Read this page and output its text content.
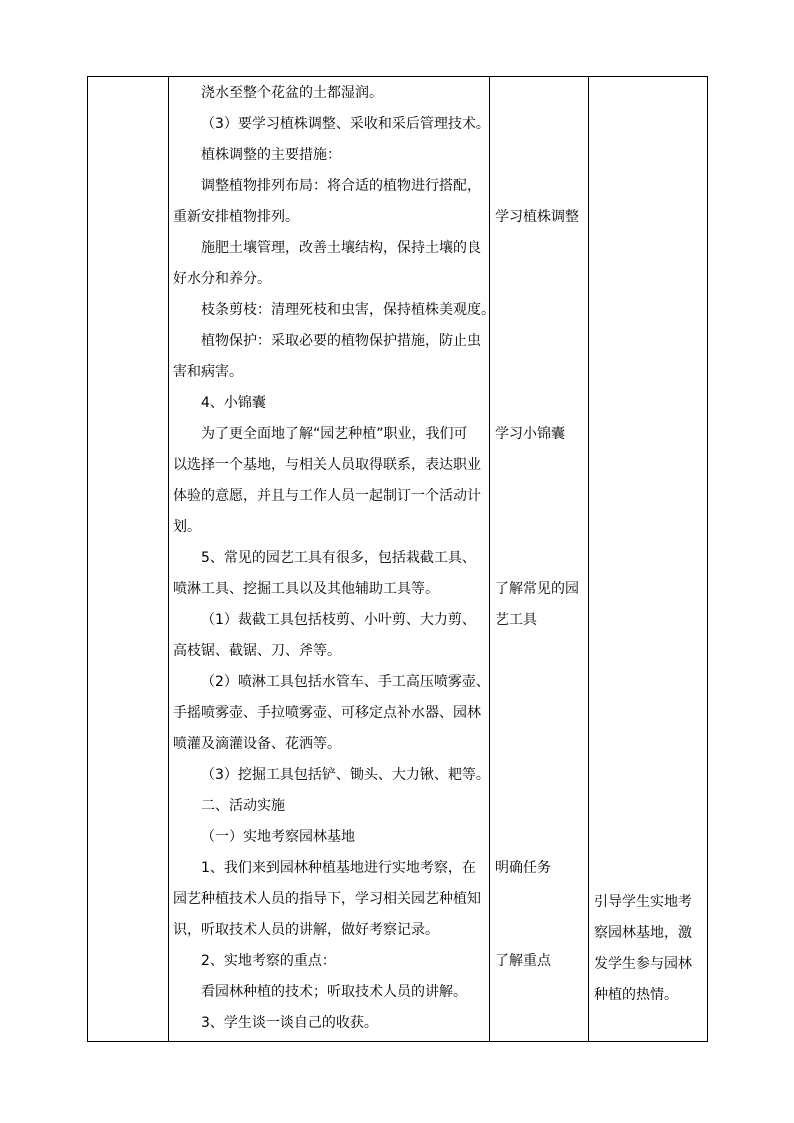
浇水至整个花盆的土都湿润。
（3）要学习植株调整、采收和采后管理技术。
植株调整的主要措施：
调整植物排列布局：将合适的植物进行搭配，
重新安排植物排列。
施肥土壤管理，改善土壤结构，保持土壤的良
好水分和养分。
枝条剪枝：清理死枝和虫害，保持植株美观度。
植物保护：采取必要的植物保护措施，防止虫
害和病害。
4、小锦囊
为了更全面地了解“园艺种植”职业，我们可
以选择一个基地，与相关人员取得联系，表达职业
体验的意愿，并且与工作人员一起制订一个活动计
划。
5、常见的园艺工具有很多，包括栽截工具、
喷淋工具、挖掘工具以及其他辅助工具等。
（1）裁截工具包括枝剪、小叶剪、大力剪、
高枝锯、截锯、刀、斧等。
（2）喷淋工具包括水管车、手工高压喷雾壶、
手摇喷雾壶、手拉喷雾壶、可移定点补水器、园林
喷灌及滴灌设备、花洒等。
（3）挖掘工具包括铲、锄头、大力锹、耙等。
二、活动实施
（一）实地考察园林基地
1、我们来到园林种植基地进行实地考察，在
园艺种植技术人员的指导下，学习相关园艺种植知
识，听取技术人员的讲解，做好考察记录。
2、实地考察的重点：
看园林种植的技术；听取技术人员的讲解。
3、学生谈一谈自己的收获。
学习植株调整
学习小锦囊
了解常见的园
艺工具
明确任务
了解重点
引导学生实地考
察园林基地，激
发学生参与园林
种植的热情。
